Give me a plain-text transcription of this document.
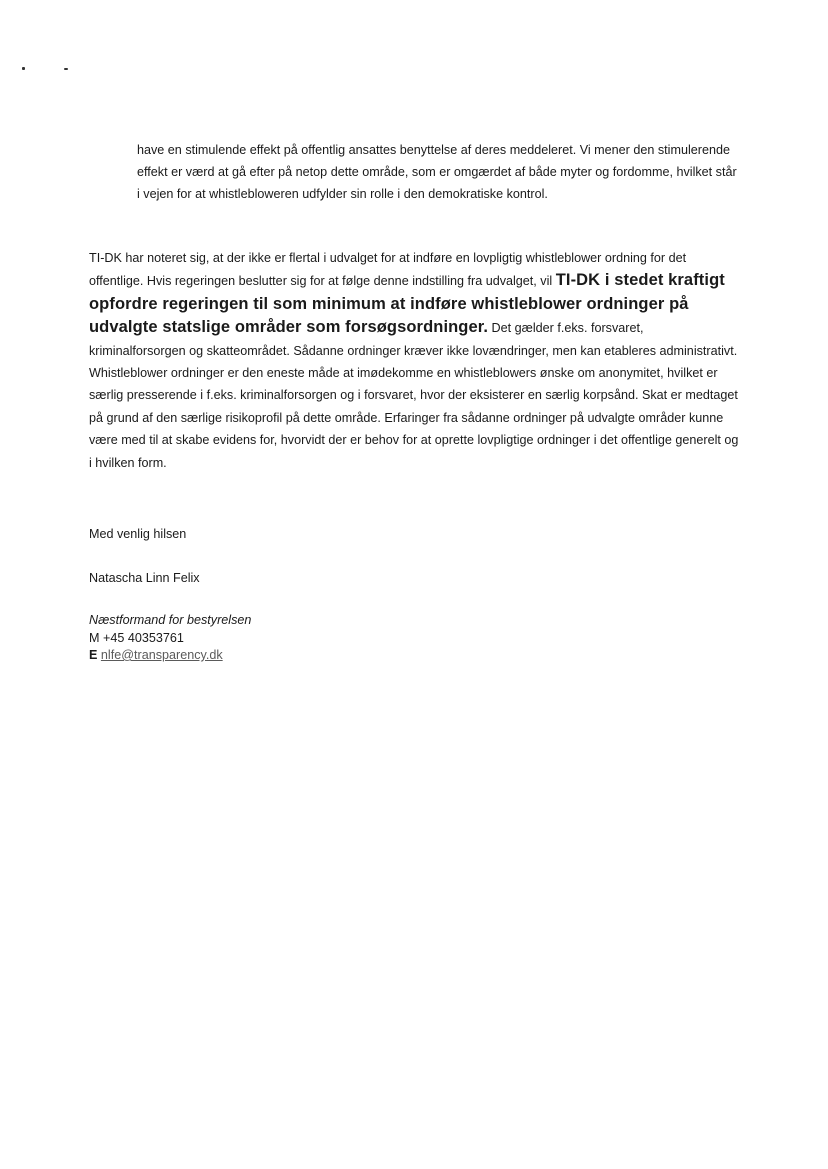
have en stimulende effekt på offentlig ansattes benyttelse af deres meddeleret. Vi mener den stimulerende effekt er værd at gå efter på netop dette område, som er omgærdet af både myter og fordomme, hvilket står i vejen for at whistlebloweren udfylder sin rolle i den demokratiske kontrol.

TI-DK har noteret sig, at der ikke er flertal i udvalget for at indføre en lovpligtig whistleblower ordning for det offentlige. Hvis regeringen beslutter sig for at følge denne indstilling fra udvalget, vil TI-DK i stedet kraftigt opfordre regeringen til som minimum at indføre whistleblower ordninger på udvalgte statslige områder som forsøgsordninger. Det gælder f.eks. forsvaret, kriminalforsorgen og skatteområdet. Sådanne ordninger kræver ikke lovændringer, men kan etableres administrativt. Whistleblower ordninger er den eneste måde at imødekomme en whistleblowers ønske om anonymitet, hvilket er særlig presserende i f.eks. kriminalforsorgen og i forsvaret, hvor der eksisterer en særlig korpsånd. Skat er medtaget på grund af den særlige risikoprofil på dette område. Erfaringer fra sådanne ordninger på udvalgte områder kunne være med til at skabe evidens for, hvorvidt der er behov for at oprette lovpligtige ordninger i det offentlige generelt og i hvilken form.

Med venlig hilsen
Natascha Linn Felix
Næstformand for bestyrelsen
M +45 40353761
E nlfe@transparency.dk
